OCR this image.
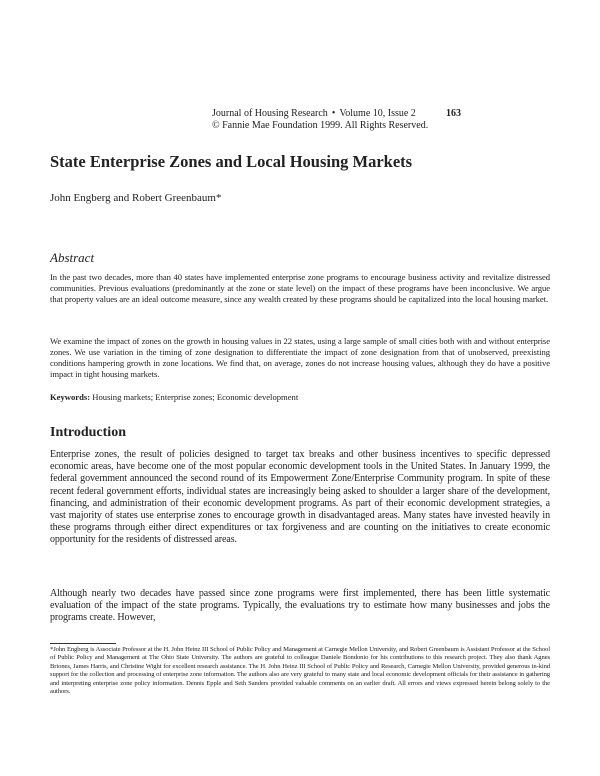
Journal of Housing Research • Volume 10, Issue 2	163
© Fannie Mae Foundation 1999. All Rights Reserved.
State Enterprise Zones and Local Housing Markets
John Engberg and Robert Greenbaum*
Abstract

In the past two decades, more than 40 states have implemented enterprise zone programs to encourage business activity and revitalize distressed communities. Previous evaluations (predominantly at the zone or state level) on the impact of these programs have been inconclusive. We argue that property values are an ideal outcome measure, since any wealth created by these programs should be capitalized into the local housing market.

We examine the impact of zones on the growth in housing values in 22 states, using a large sample of small cities both with and without enterprise zones. We use variation in the timing of zone designation to differentiate the impact of zone designation from that of unobserved, preexisting conditions hampering growth in zone locations. We find that, on average, zones do not increase housing values, although they do have a positive impact in tight housing markets.

Keywords: Housing markets; Enterprise zones; Economic development
Introduction

Enterprise zones, the result of policies designed to target tax breaks and other business incentives to specific depressed economic areas, have become one of the most popular economic development tools in the United States. In January 1999, the federal government announced the second round of its Empowerment Zone/Enterprise Community program. In spite of these recent federal government efforts, individual states are increasingly being asked to shoulder a larger share of the development, financing, and administration of their economic development programs. As part of their economic development strategies, a vast majority of states use enterprise zones to encourage growth in disadvantaged areas. Many states have invested heavily in these programs through either direct expenditures or tax forgiveness and are counting on the initiatives to create economic opportunity for the residents of distressed areas.

Although nearly two decades have passed since zone programs were first implemented, there has been little systematic evaluation of the impact of the state programs. Typically, the evaluations try to estimate how many businesses and jobs the programs create. However,

*John Engberg is Associate Professor at the H. John Heinz III School of Public Policy and Management at Carnegie Mellon University, and Robert Greenbaum is Assistant Professor at the School of Public Policy and Management at The Ohio State University. The authors are grateful to colleague Daniele Bondonio for his contributions to this research project. They also thank Agnes Briones, James Harris, and Christine Wight for excellent research assistance. The H. John Heinz III School of Public Policy and Research, Carnegie Mellon University, provided generous in-kind support for the collection and processing of enterprise zone information. The authors also are very grateful to many state and local economic development officials for their assistance in gathering and interpreting enterprise zone policy information. Dennis Epple and Seth Sanders provided valuable comments on an earlier draft. All errors and views expressed herein belong solely to the authors.
